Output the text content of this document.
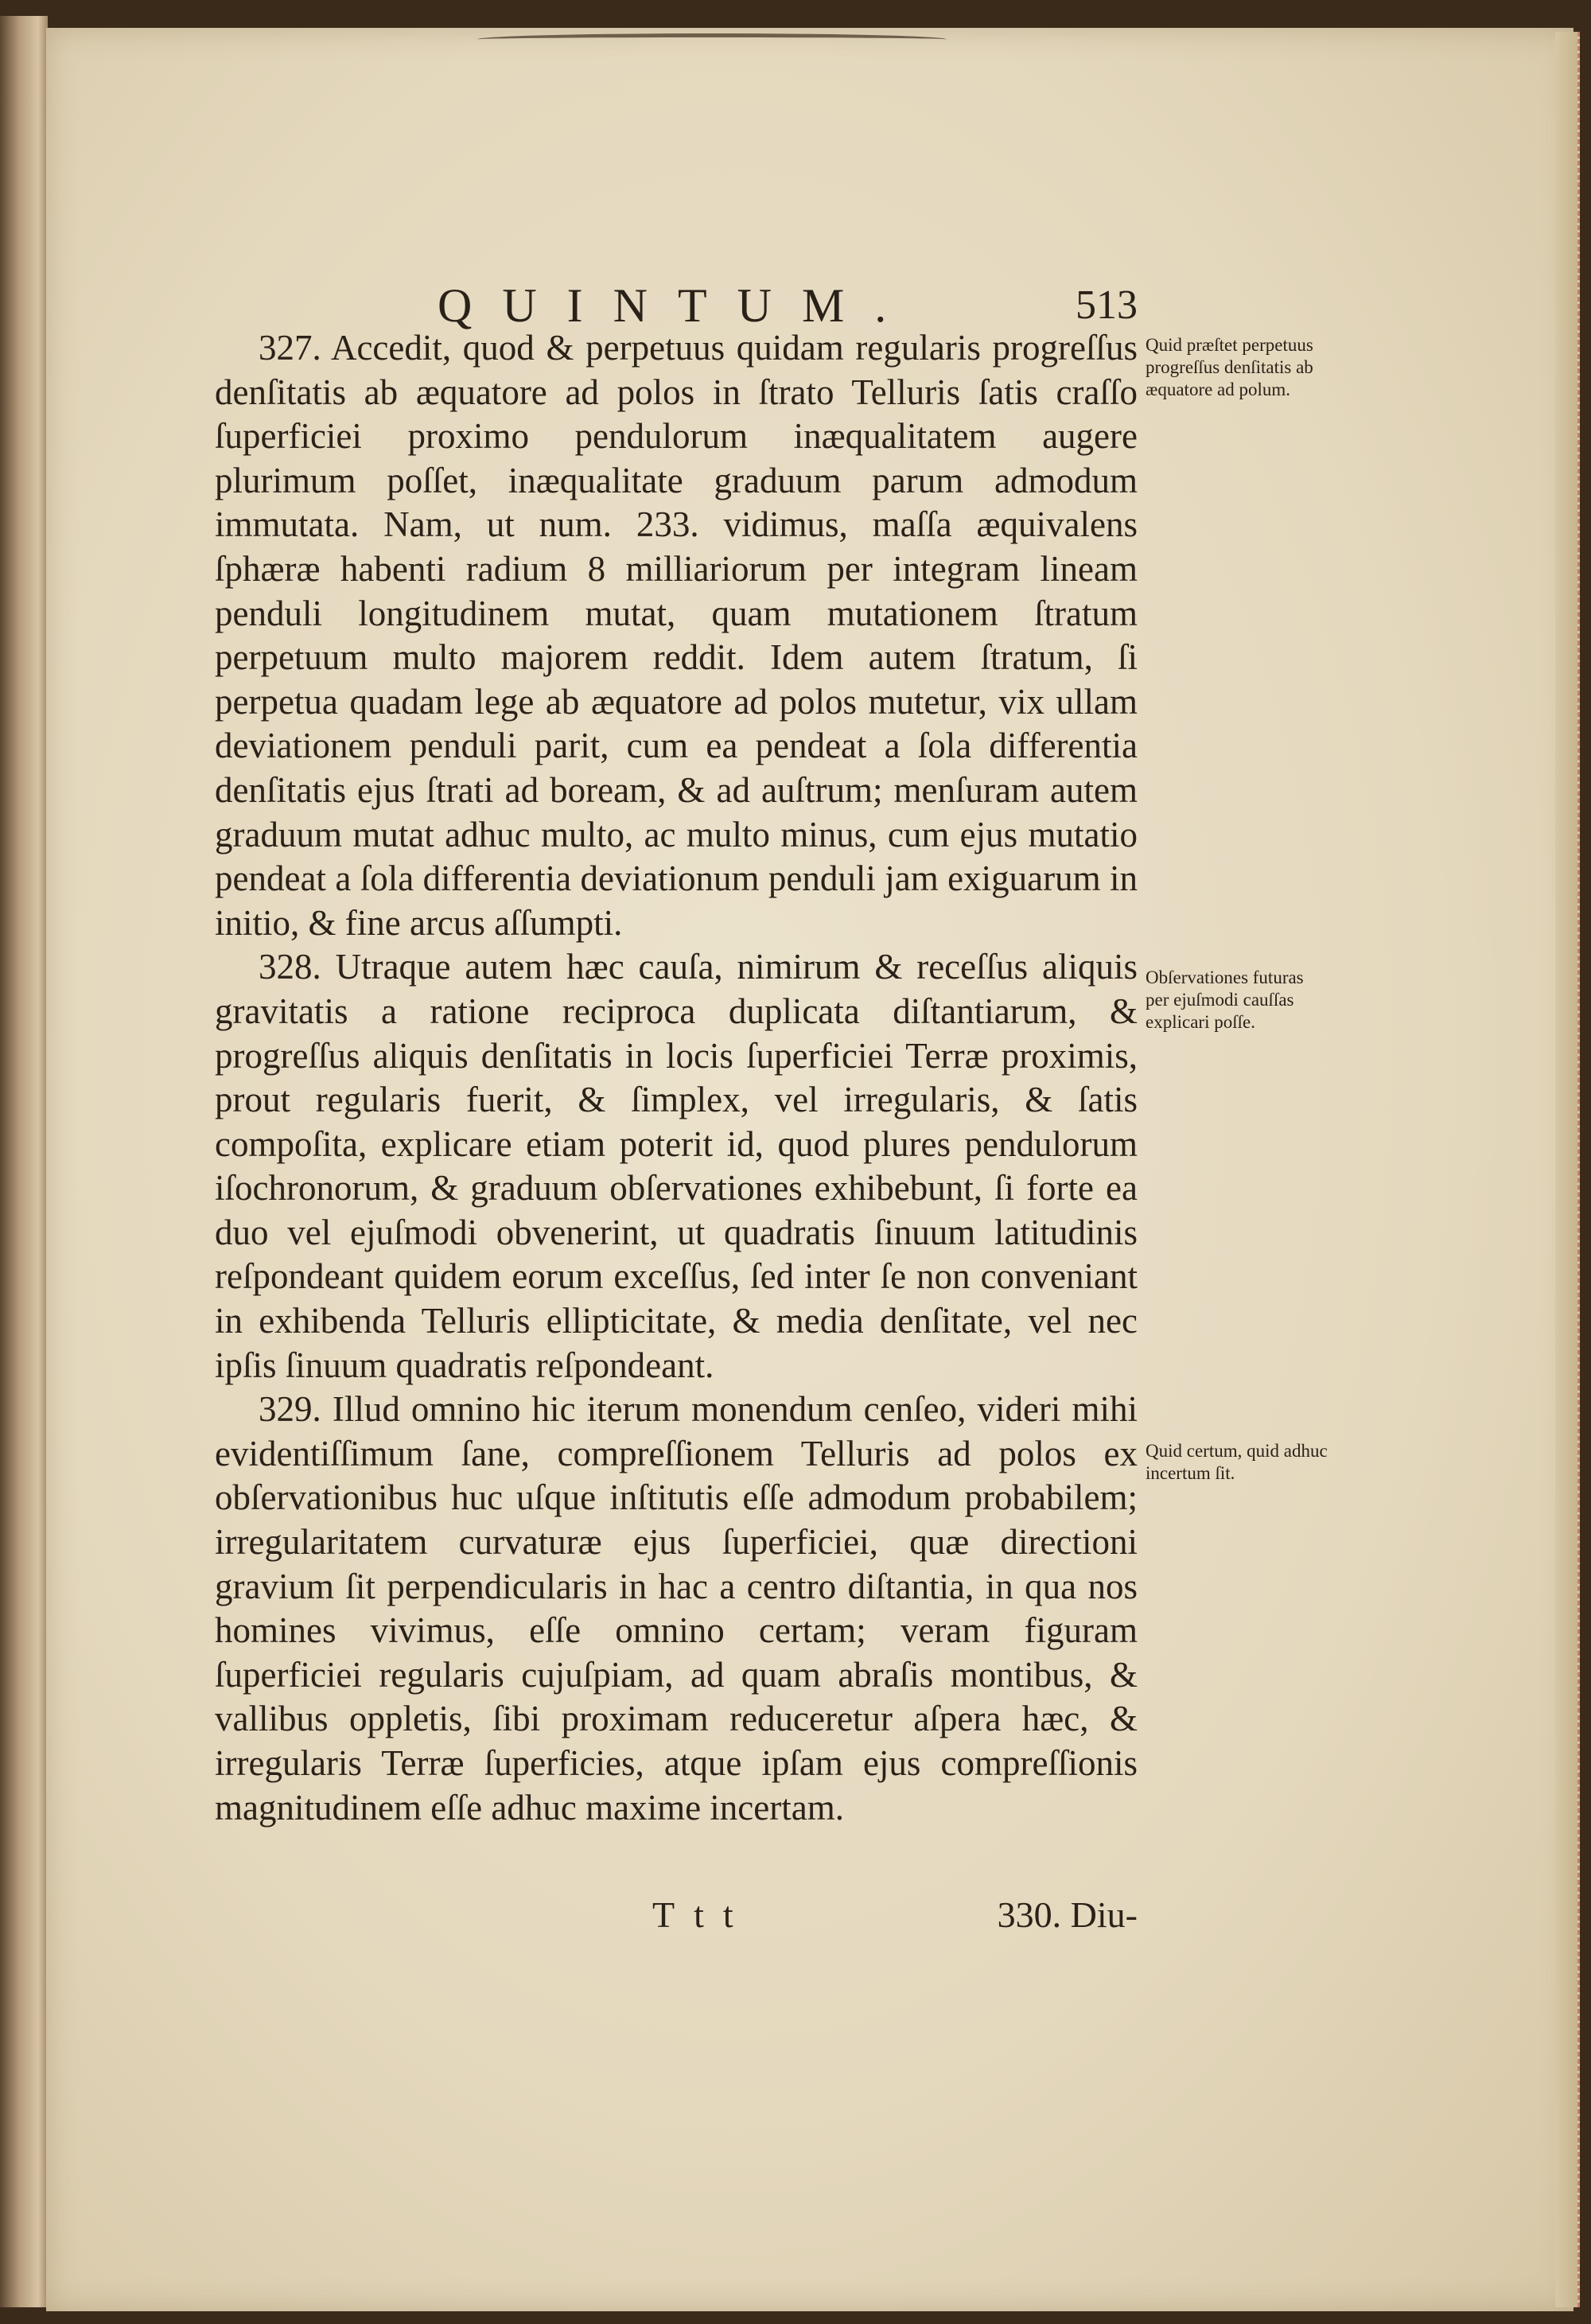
QUINTUM.	513

327. Accedit, quod & perpetuus quidam regularis progreſſus denſitatis ab æquatore ad polos in ſtrato Telluris ſatis craſſo ſuperficiei proximo pendulorum inæqualitatem augere plurimum poſſet, inæqualitate graduum parum admodum immutata. Nam, ut num. 233. vidimus, maſſa æquivalens ſphæræ habenti radium 8 milliariorum per integram lineam penduli longitudinem mutat, quam mutationem ſtratum perpetuum multo majorem reddit. Idem autem ſtratum, ſi perpetua quadam lege ab æquatore ad polos mutetur, vix ullam deviationem penduli parit, cum ea pendeat a ſola differentia denſitatis ejus ſtrati ad boream, & ad auſtrum; menſuram autem graduum mutat adhuc multo, ac multo minus, cum ejus mutatio pendeat a ſola differentia deviationum penduli jam exiguarum in initio, & fine arcus aſſumpti.

328. Utraque autem hæc cauſa, nimirum & receſſus aliquis gravitatis a ratione reciproca duplicata diſtantiarum, & progreſſus aliquis denſitatis in locis ſuperficiei Terræ proximis, prout regularis fuerit, & ſimplex, vel irregularis, & ſatis compoſita, explicare etiam poterit id, quod plures pendulorum iſochronorum, & graduum obſervationes exhibebunt, ſi forte ea duo vel ejuſmodi obvenerint, ut quadratis ſinuum latitudinis reſpondeant quidem eorum exceſſus, ſed inter ſe non conveniant in exhibenda Telluris ellipticitate, & media denſitate, vel nec ipſis ſinuum quadratis reſpondeant.

329. Illud omnino hic iterum monendum cenſeo, videri mihi evidentiſſimum ſane, compreſſionem Telluris ad polos ex obſervationibus huc uſque inſtitutis eſſe admodum probabilem; irregularitatem curvaturæ ejus ſuperficiei, quæ directioni gravium ſit perpendicularis in hac a centro diſtantia, in qua nos homines vivimus, eſſe omnino certam; veram figuram ſuperficiei regularis cujuſpiam, ad quam abraſis montibus, & vallibus oppletis, ſibi proximam reduceretur aſpera hæc, & irregularis Terræ ſuperficies, atque ipſam ejus compreſſionis magnitudinem eſſe adhuc maxime incertam.

Quid præſtet perpetuus progreſſus denſitatis ab æquatore ad polum.
Obſervationes futuras per ejuſmodi cauſſas explicari poſſe.
Quid certum, quid adhuc incertum ſit.
Ttt	330. Diu-
